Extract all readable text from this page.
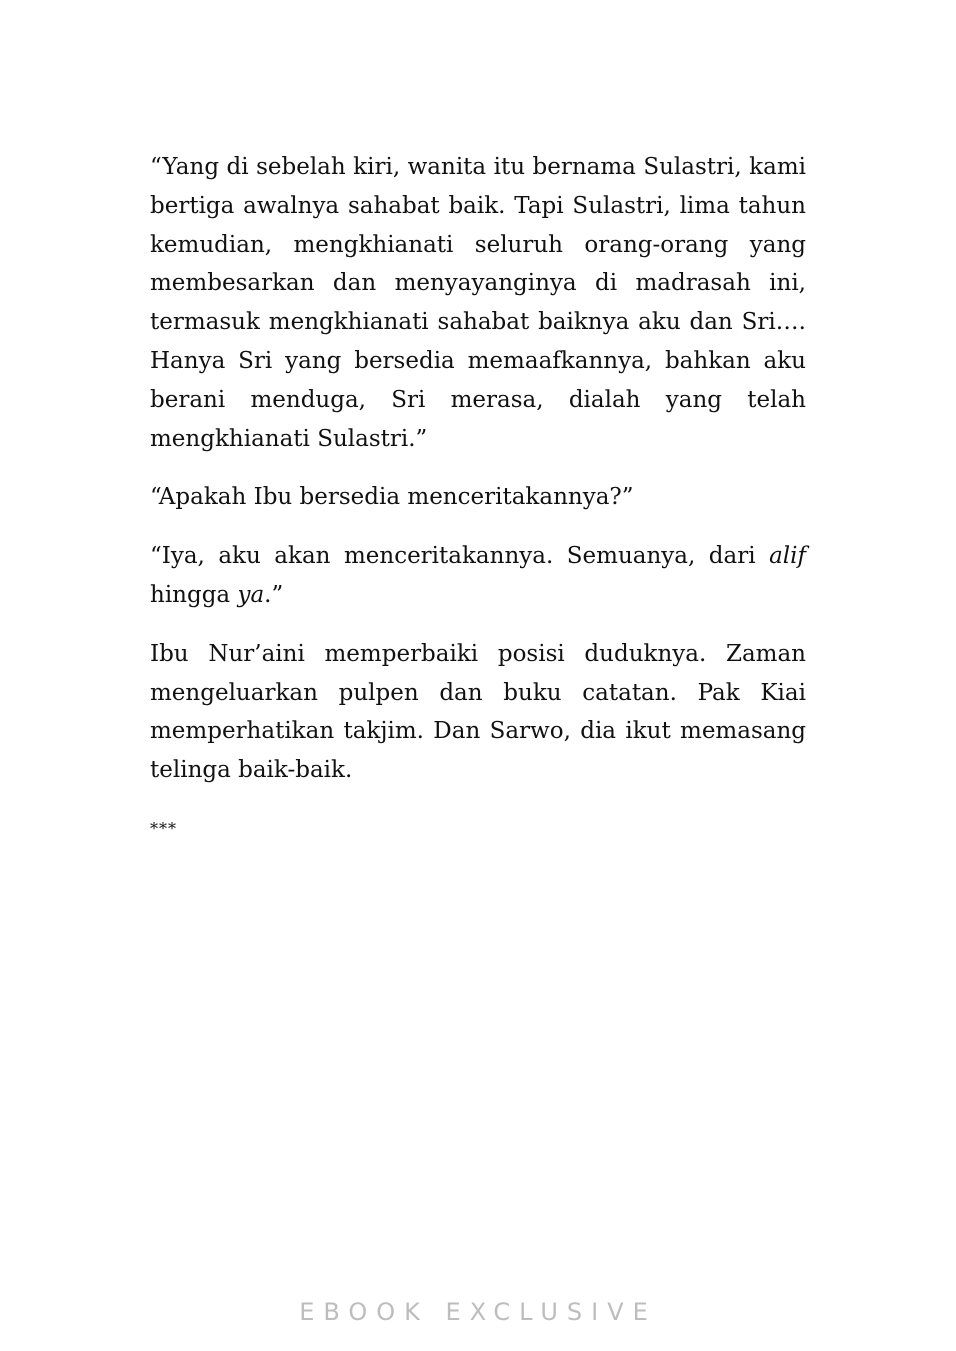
“Yang di sebelah kiri, wanita itu bernama Sulastri, kami bertiga awalnya sahabat baik. Tapi Sulastri, lima tahun kemudian, mengkhianati seluruh orang-orang yang membesarkan dan menyayanginya di madrasah ini, termasuk mengkhianati sahabat baiknya aku dan Sri…. Hanya Sri yang bersedia memaafkannya, bahkan aku berani menduga, Sri merasa, dialah yang telah mengkhianati Sulastri.”

“Apakah Ibu bersedia menceritakannya?”

“Iya, aku akan menceritakannya. Semuanya, dari alif hingga ya.”

Ibu Nur’aini memperbaiki posisi duduknya. Zaman mengeluarkan pulpen dan buku catatan. Pak Kiai memperhatikan takjim. Dan Sarwo, dia ikut memasang telinga baik-baik.

***

EBOOK EXCLUSIVE
